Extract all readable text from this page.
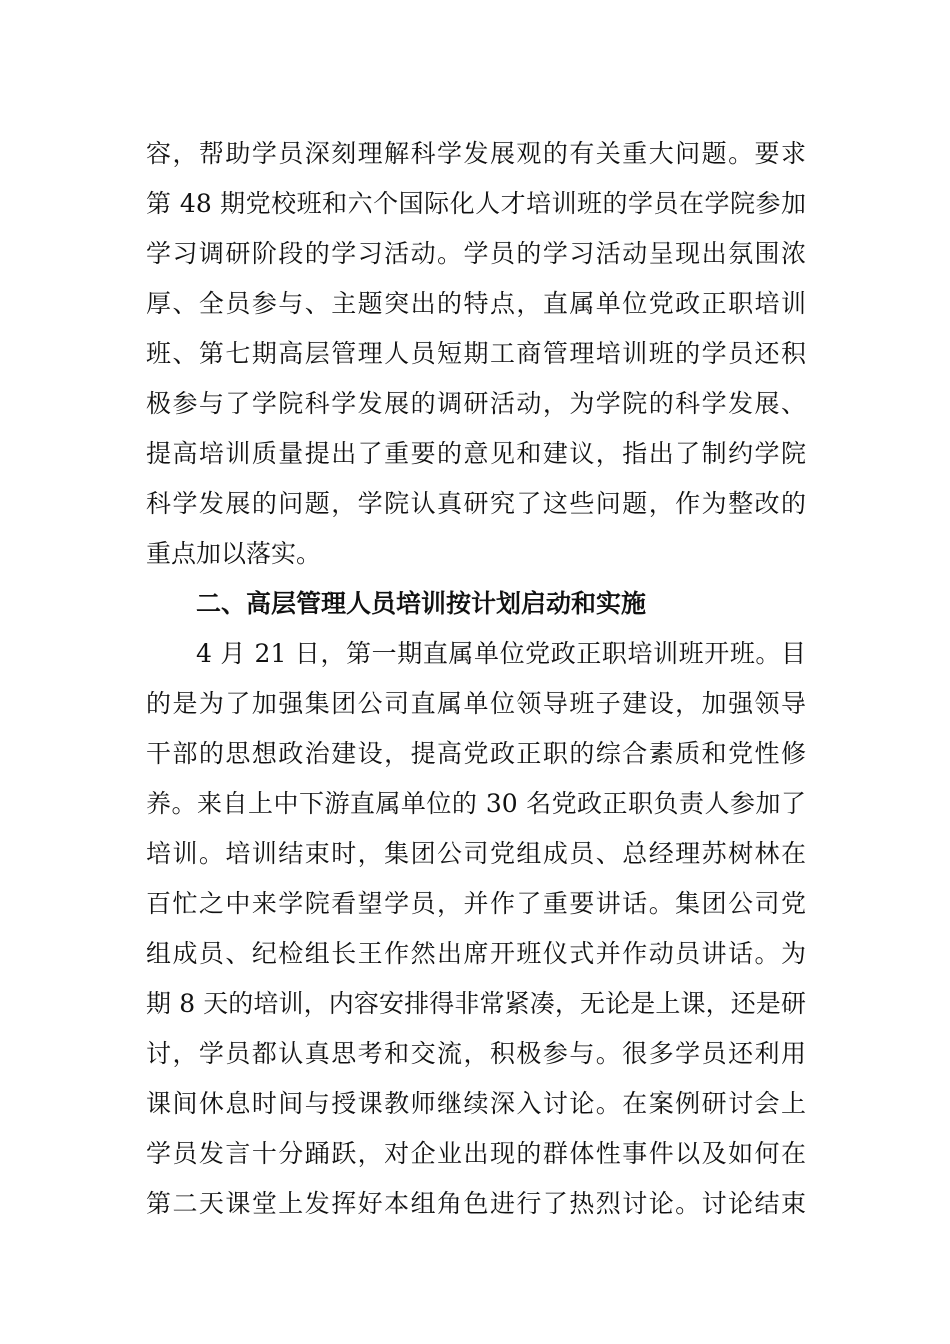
容，帮助学员深刻理解科学发展观的有关重大问题。要求
第 48 期党校班和六个国际化人才培训班的学员在学院参加
学习调研阶段的学习活动。学员的学习活动呈现出氛围浓
厚、全员参与、主题突出的特点，直属单位党政正职培训
班、第七期高层管理人员短期工商管理培训班的学员还积
极参与了学院科学发展的调研活动，为学院的科学发展、
提高培训质量提出了重要的意见和建议，指出了制约学院
科学发展的问题，学院认真研究了这些问题，作为整改的
重点加以落实。
二、高层管理人员培训按计划启动和实施
4 月 21 日，第一期直属单位党政正职培训班开班。目
的是为了加强集团公司直属单位领导班子建设，加强领导
干部的思想政治建设，提高党政正职的综合素质和党性修
养。来自上中下游直属单位的 30 名党政正职负责人参加了
培训。培训结束时，集团公司党组成员、总经理苏树林在
百忙之中来学院看望学员，并作了重要讲话。集团公司党
组成员、纪检组长王作然出席开班仪式并作动员讲话。为
期 8 天的培训，内容安排得非常紧凑，无论是上课，还是研
讨，学员都认真思考和交流，积极参与。很多学员还利用
课间休息时间与授课教师继续深入讨论。在案例研讨会上
学员发言十分踊跃，对企业出现的群体性事件以及如何在
第二天课堂上发挥好本组角色进行了热烈讨论。讨论结束
